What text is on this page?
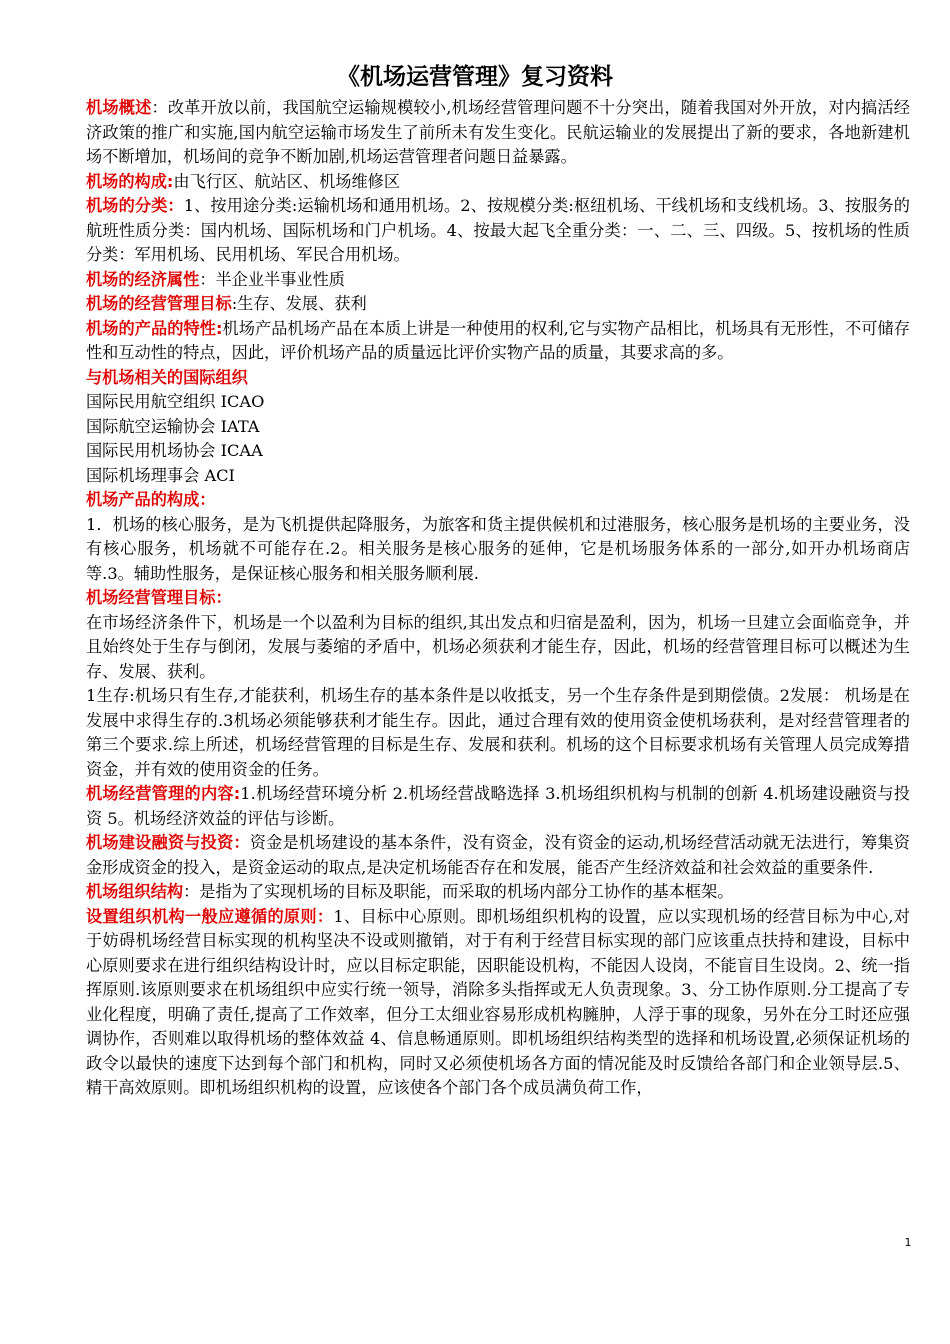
《机场运营管理》复习资料

机场概述：改革开放以前，我国航空运输规模较小,机场经营管理问题不十分突出，随着我国对外开放，对内搞活经济政策的推广和实施,国内航空运输市场发生了前所未有发生变化。民航运输业的发展提出了新的要求，各地新建机场不断增加，机场间的竞争不断加剧,机场运营管理者问题日益暴露。

机场的构成:由飞行区、航站区、机场维修区

机场的分类：1、按用途分类:运输机场和通用机场。2、按规模分类:枢纽机场、干线机场和支线机场。3、按服务的航班性质分类：国内机场、国际机场和门户机场。4、按最大起飞全重分类：一、二、三、四级。5、按机场的性质分类：军用机场、民用机场、军民合用机场。

机场的经济属性：半企业半事业性质

机场的经营管理目标:生存、发展、获利

机场的产品的特性:机场产品机场产品在本质上讲是一种使用的权利,它与实物产品相比，机场具有无形性，不可储存性和互动性的特点，因此，评价机场产品的质量远比评价实物产品的质量，其要求高的多。

与机场相关的国际组织

国际民用航空组织 ICAO

国际航空运输协会 IATA

国际民用机场协会 ICAA

国际机场理事会 ACI

机场产品的构成：

1．机场的核心服务，是为飞机提供起降服务，为旅客和货主提供候机和过港服务，核心服务是机场的主要业务，没有核心服务，机场就不可能存在.2。相关服务是核心服务的延伸，它是机场服务体系的一部分,如开办机场商店等.3。辅助性服务，是保证核心服务和相关服务顺利展.

机场经营管理目标：

在市场经济条件下，机场是一个以盈利为目标的组织,其出发点和归宿是盈利，因为，机场一旦建立会面临竞争，并且始终处于生存与倒闭，发展与萎缩的矛盾中，机场必须获利才能生存，因此，机场的经营管理目标可以概述为生存、发展、获利。

1生存:机场只有生存,才能获利，机场生存的基本条件是以收抵支，另一个生存条件是到期偿债。2发展： 机场是在发展中求得生存的.3机场必须能够获利才能生存。因此，通过合理有效的使用资金使机场获利，是对经营管理者的第三个要求.综上所述，机场经营管理的目标是生存、发展和获利。机场的这个目标要求机场有关管理人员完成筹措资金，并有效的使用资金的任务。

机场经营管理的内容:1.机场经营环境分析 2.机场经营战略选择 3.机场组织机构与机制的创新 4.机场建设融资与投资 5。机场经济效益的评估与诊断。

机场建设融资与投资：资金是机场建设的基本条件，没有资金，没有资金的运动,机场经营活动就无法进行，筹集资金形成资金的投入，是资金运动的取点,是决定机场能否存在和发展，能否产生经济效益和社会效益的重要条件.

机场组织结构：是指为了实现机场的目标及职能，而采取的机场内部分工协作的基本框架。

设置组织机构一般应遵循的原则：1、目标中心原则。即机场组织机构的设置，应以实现机场的经营目标为中心,对于妨碍机场经营目标实现的机构坚决不设或则撤销，对于有利于经营目标实现的部门应该重点扶持和建设，目标中心原则要求在进行组织结构设计时，应以目标定职能，因职能设机构，不能因人设岗，不能盲目生设岗。2、统一指挥原则.该原则要求在机场组织中应实行统一领导，消除多头指挥或无人负责现象。3、分工协作原则.分工提高了专业化程度，明确了责任,提高了工作效率，但分工太细业容易形成机构臃肿，人浮于事的现象，另外在分工时还应强调协作，否则难以取得机场的整体效益 4、信息畅通原则。即机场组织结构类型的选择和机场设置,必须保证机场的政令以最快的速度下达到每个部门和机构，同时又必须使机场各方面的情况能及时反馈给各部门和企业领导层.5、精干高效原则。即机场组织机构的设置，应该使各个部门各个成员满负荷工作，

1
